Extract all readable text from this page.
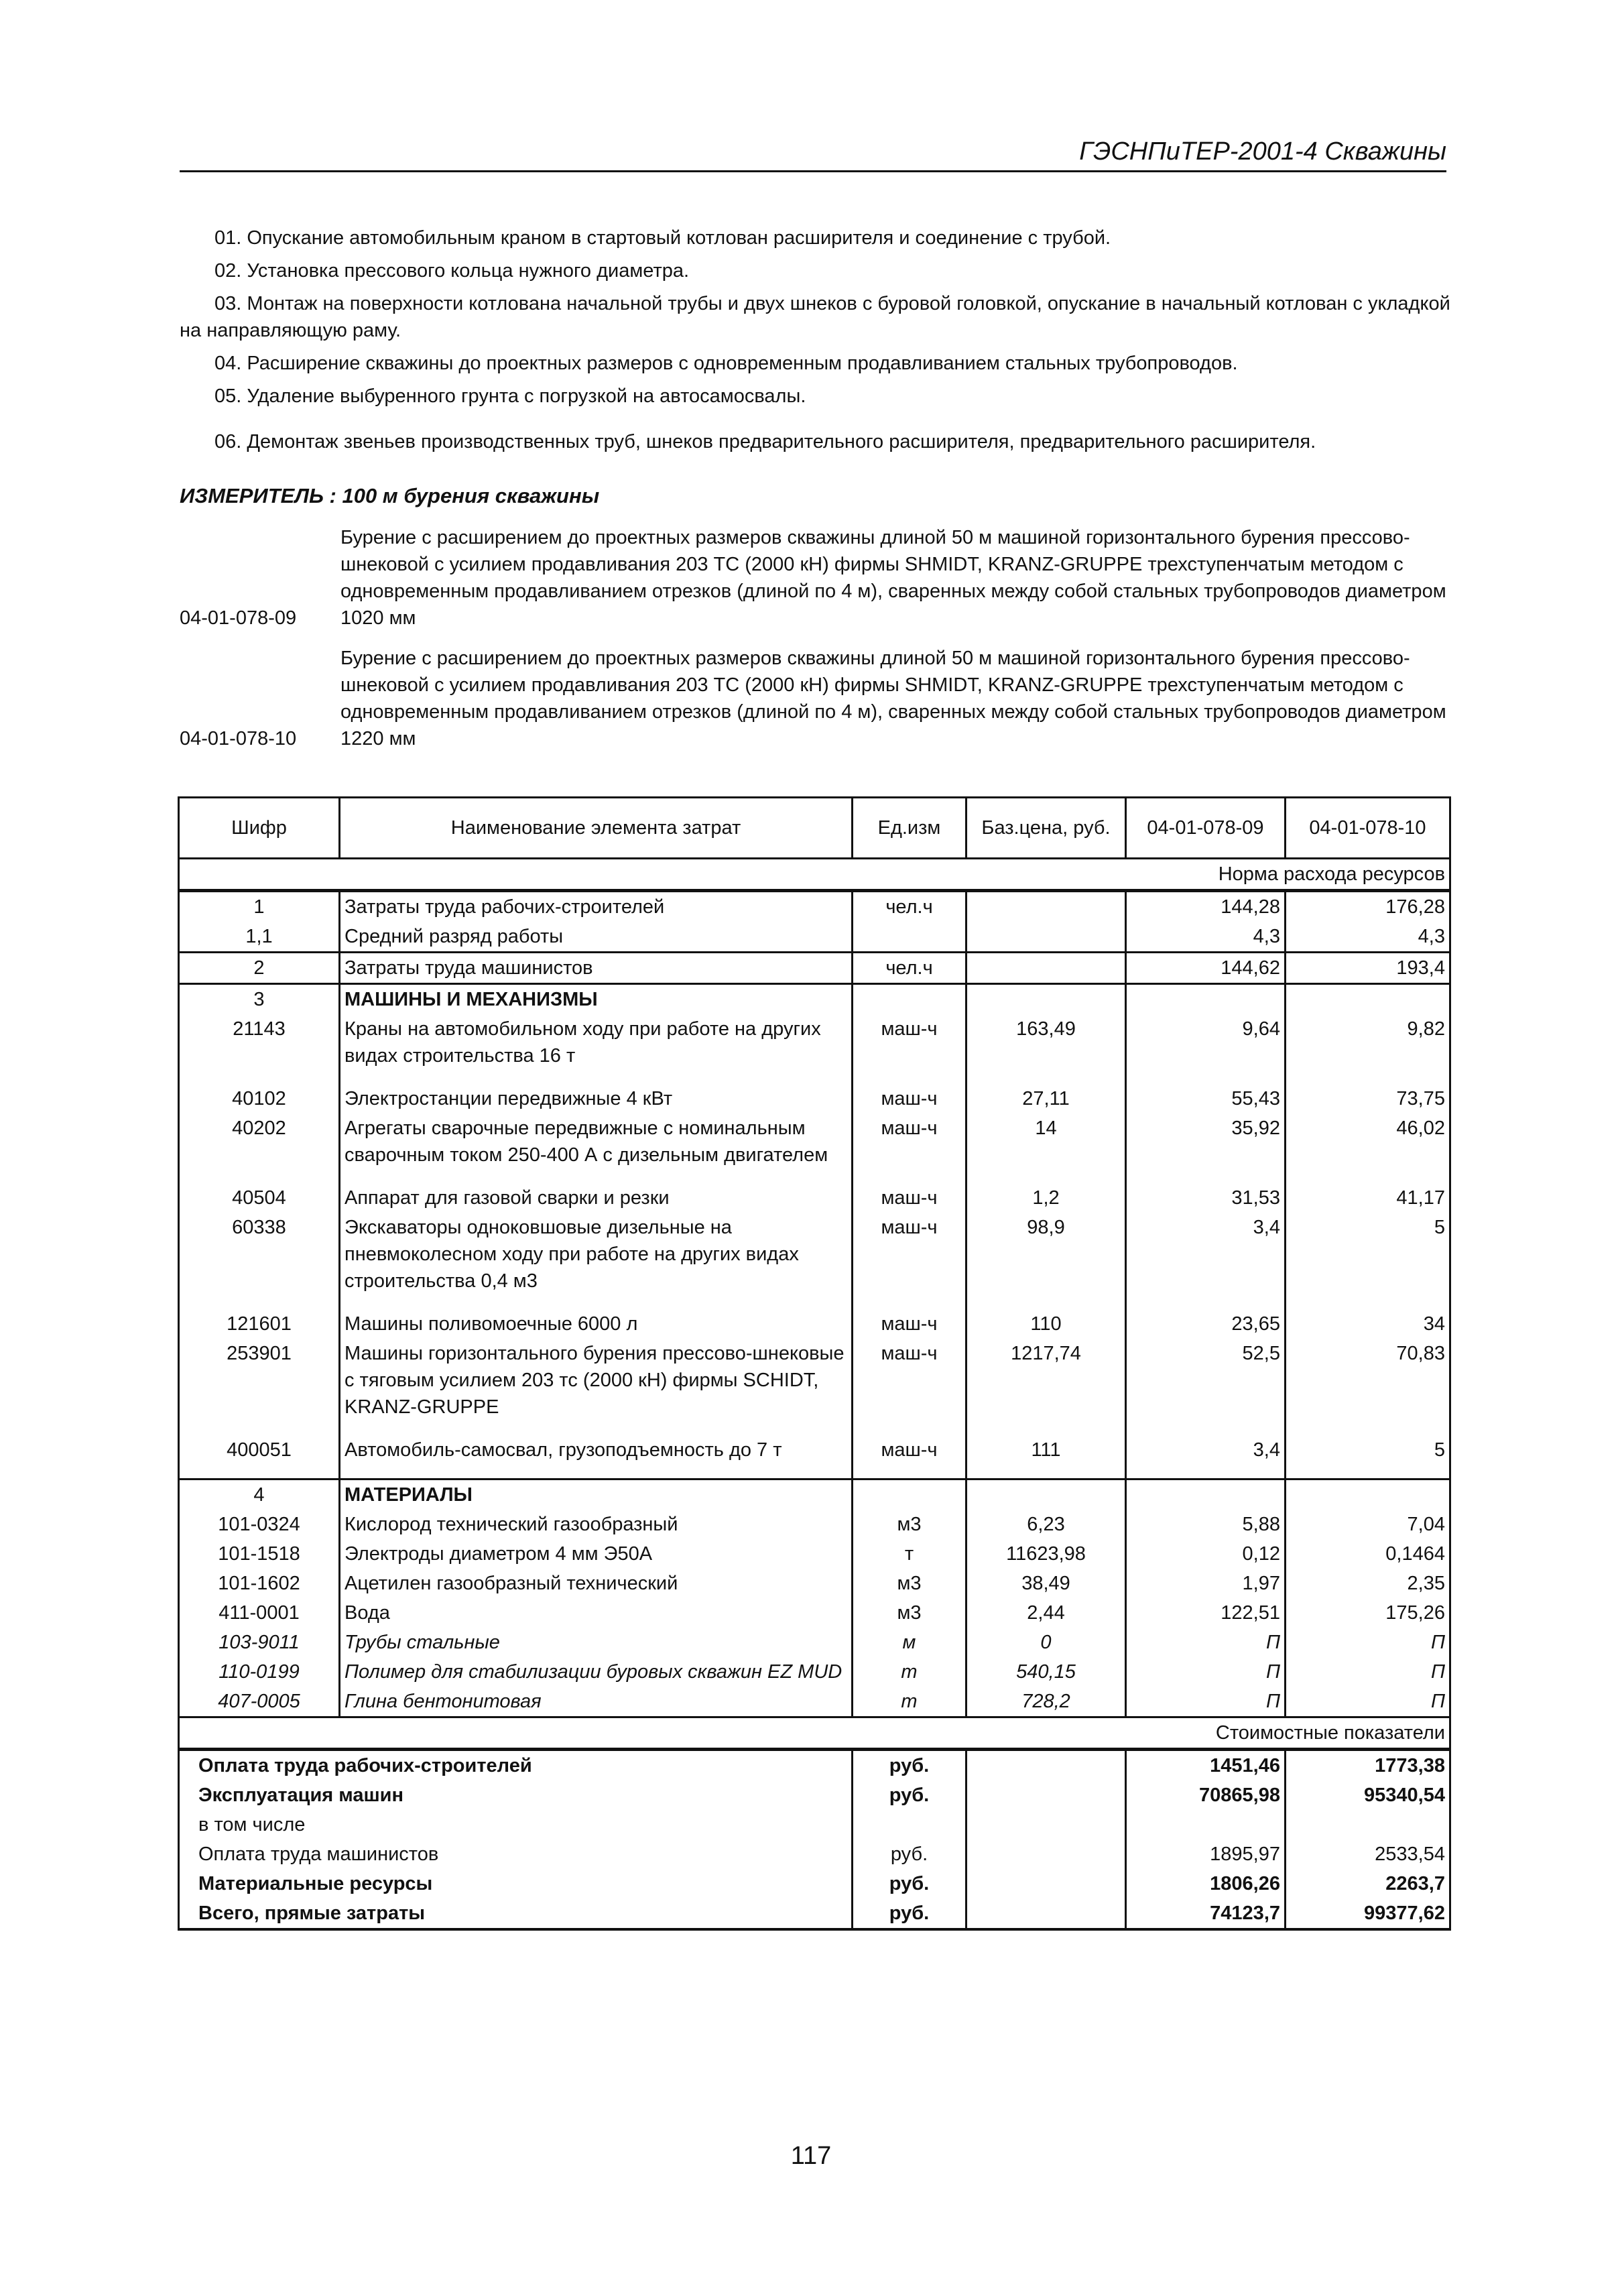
ГЭСНПиТЕР-2001-4 Скважины

01. Опускание автомобильным краном в стартовый котлован расширителя и соединение с трубой.

02. Установка прессового кольца нужного диаметра.

03. Монтаж на поверхности котлована начальной трубы и двух шнеков с буровой головкой, опускание в начальный котлован с укладкой на направляющую раму.

04. Расширение скважины до проектных размеров с одновременным продавливанием стальных трубопроводов.

05. Удаление выбуренного грунта с погрузкой на автосамосвалы.

06. Демонтаж звеньев производственных труб, шнеков предварительного расширителя, предварительного расширителя.

ИЗМЕРИТЕЛЬ : 100 м бурения скважины
04-01-078-09
Бурение с расширением до проектных размеров скважины длиной 50 м машиной горизонтального бурения прессово-шнековой с усилием продавливания 203 ТС (2000 кН) фирмы SHMIDT, KRANZ-GRUPPE трехступенчатым методом с одновременным продавливанием отрезков (длиной по 4 м), сваренных между собой стальных трубопроводов диаметром 1020 мм
04-01-078-10
Бурение с расширением до проектных размеров скважины длиной 50 м машиной горизонтального бурения прессово-шнековой с усилием продавливания 203 ТС (2000 кН) фирмы SHMIDT, KRANZ-GRUPPE трехступенчатым методом с одновременным продавливанием отрезков (длиной по 4 м), сваренных между собой стальных трубопроводов диаметром 1220 мм
Шифр	Наименование элемента затрат	Ед.изм	Баз.цена, руб.	04-01-078-09	04-01-078-10
Норма расхода ресурсов					
1	Затраты труда рабочих-строителей	чел.ч		144,28	176,28
1,1	Средний разряд работы			4,3	4,3
2	Затраты труда машинистов	чел.ч		144,62	193,4
3	МАШИНЫ И МЕХАНИЗМЫ				
21143	Краны на автомобильном ходу при работе на других видах строительства 16 т	маш-ч	163,49	9,64	9,82
40102	Электростанции передвижные 4 кВт	маш-ч	27,11	55,43	73,75
40202	Агрегаты сварочные передвижные с номинальным сварочным током 250-400 А с дизельным двигателем	маш-ч	14	35,92	46,02
40504	Аппарат для газовой сварки и резки	маш-ч	1,2	31,53	41,17
60338	Экскаваторы одноковшовые дизельные на пневмоколесном ходу при работе на других видах строительства 0,4 м3	маш-ч	98,9	3,4	5
121601	Машины поливомоечные 6000 л	маш-ч	110	23,65	34
253901	Машины горизонтального бурения прессово-шнековые с тяговым усилием 203 тс (2000 кН) фирмы SCHIDT, KRANZ-GRUPPE	маш-ч	1217,74	52,5	70,83
400051	Автомобиль-самосвал, грузоподъемность до 7 т	маш-ч	111	3,4	5
4	МАТЕРИАЛЫ				
101-0324	Кислород технический газообразный	м3	6,23	5,88	7,04
101-1518	Электроды диаметром 4 мм Э50А	т	11623,98	0,12	0,1464
101-1602	Ацетилен газообразный технический	м3	38,49	1,97	2,35
411-0001	Вода	м3	2,44	122,51	175,26
103-9011	Трубы стальные	м	0	П	П
110-0199	Полимер для стабилизации буровых скважин EZ MUD	т	540,15	П	П
407-0005	Глина бентонитовая	т	728,2	П	П
Стоимостные показатели					
Оплата труда рабочих-строителей		руб.		1451,46	1773,38
Эксплуатация машин		руб.		70865,98	95340,54
в том числе					
Оплата труда машинистов		руб.		1895,97	2533,54
Материальные ресурсы		руб.		1806,26	2263,7
Всего, прямые затраты		руб.		74123,7	99377,62
117
